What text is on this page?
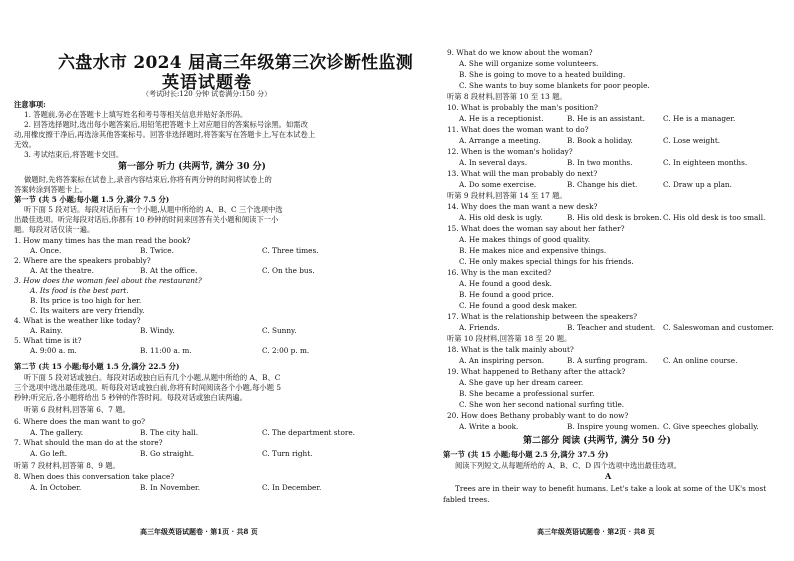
六盘水市 2024 届高三年级第三次诊断性监测
英语试题卷
（考试时长:120 分钟 试卷满分:150 分）
注意事项:
1. 答题前,务必在答题卡上填写姓名和考号等相关信息并贴好条形码。
2. 回答选择题时,选出每小题答案后,用铅笔把答题卡上对应题目的答案标号涂黑。如需改
动,用橡皮擦干净后,再选涂其他答案标号。回答非选择题时,将答案写在答题卡上,写在本试卷上
无效。
3. 考试结束后,将答题卡交回。
第一部分 听力 (共两节, 满分 30 分)
做题时,先将答案标在试卷上,录音内容结束后,你将有两分钟的时间将试卷上的
答案转涂到答题卡上。
第一节 (共 5 小题;每小题 1.5 分,满分 7.5 分)
听下面 5 段对话。每段对话后有一个小题,从题中所给的 A、B、C 三个选项中选
出最佳选项。听完每段对话后,你都有 10 秒钟的时间来回答有关小题和阅读下一小
题。每段对话仅读一遍。
1. How many times has the man read the book?
A. Once.	B. Twice.	C. Three times.
2. Where are the speakers probably?
A. At the theatre.	B. At the office.	C. On the bus.
3. How does the woman feel about the restaurant?
A. Its food is the best part.
B. Its price is too high for her.
C. Its waiters are very friendly.
4. What is the weather like today?
A. Rainy.	B. Windy.	C. Sunny.
5. What time is it?
A. 9:00 a. m.	B. 11:00 a. m.	C. 2:00 p. m.
第二节 (共 15 小题;每小题 1.5 分,满分 22.5 分)
听下面 5 段对话或独白。每段对话或独白后有几个小题,从题中所给的 A、B、C
三个选项中选出最佳选项。听每段对话或独白前,你将有时间阅读各个小题,每小题 5
秒钟;听完后,各小题将给出 5 秒钟的作答时间。每段对话或独白读两遍。
听第 6 段材料,回答第 6、7 题。
6. Where does the man want to go?
A. The gallery.	B. The city hall.	C. The department store.
7. What should the man do at the store?
A. Go left.	B. Go straight.	C. Turn right.
听第 7 段材料,回答第 8、9 题。
8. When does this conversation take place?
A. In October.	B. In November.	C. In December.
高三年级英语试题卷 · 第1页 · 共8 页
9. What do we know about the woman?
A. She will organize some volunteers.
B. She is going to move to a heated building.
C. She wants to buy some blankets for poor people.
听第 8 段材料,回答第 10 至 13 题。
10. What is probably the man's position?
A. He is a receptionist.	B. He is an assistant. C. He is a manager.
11. What does the woman want to do?
A. Arrange a meeting.	B. Book a holiday.	C. Lose weight.
12. When is the woman's holiday?
A. In several days.	B. In two months.	C. In eighteen months.
13. What will the man probably do next?
A. Do some exercise.	B. Change his diet.	C. Draw up a plan.
听第 9 段材料,回答第 14 至 17 题。
14. Why does the man want a new desk?
A. His old desk is ugly.	B. His old desk is broken. C. His old desk is too small.
15. What does the woman say about her father?
A. He makes things of good quality.
B. He makes nice and expensive things.
C. He only makes special things for his friends.
16. Why is the man excited?
A. He found a good desk.
B. He found a good price.
C. He found a good desk maker.
17. What is the relationship between the speakers?
A. Friends.	B. Teacher and student. C. Saleswoman and customer.
听第 10 段材料,回答第 18 至 20 题。
18. What is the talk mainly about?
A. An inspiring person.	B. A surfing program. C. An online course.
19. What happened to Bethany after the attack?
A. She gave up her dream career.
B. She became a professional surfer.
C. She won her second national surfing title.
20. How does Bethany probably want to do now?
A. Write a book.	B. Inspire young women. C. Give speeches globally.
第二部分 阅读 (共两节, 满分 50 分)
第一节 (共 15 小题;每小题 2.5 分,满分 37.5 分)
阅读下列短文,从每题所给的 A、B、C、D 四个选项中选出最佳选项。
A
Trees are in their way to benefit humans. Let's take a look at some of the UK's most
fabled trees.
高三年级英语试题卷 · 第2页 · 共8 页
